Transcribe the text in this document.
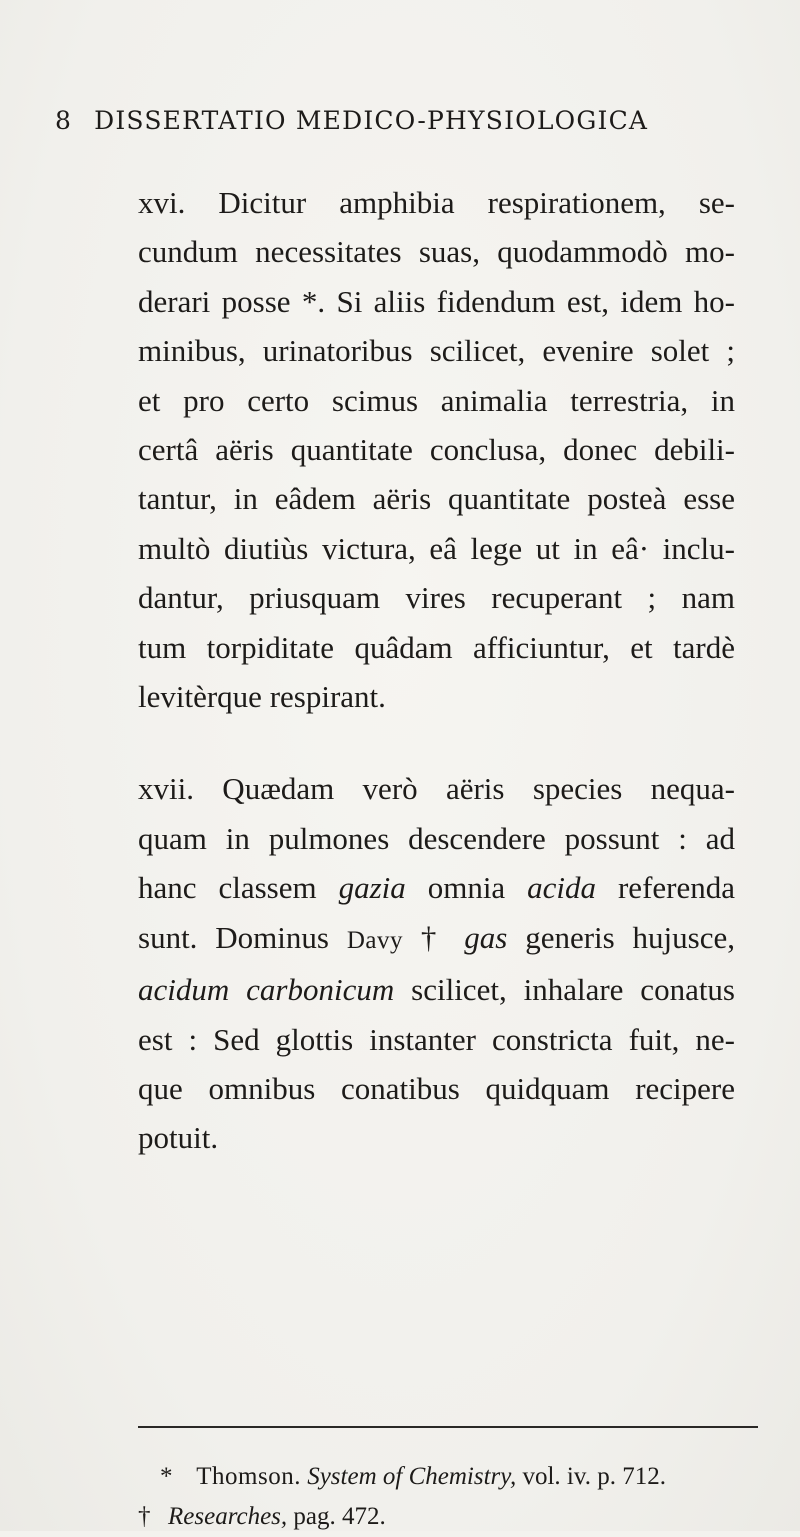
8 DISSERTATIO MEDICO-PHYSIOLOGICA

xvi. Dicitur amphibia respirationem, se-
cundum necessitates suas, quodammodò mo-
derari posse *. Si aliis fidendum est, idem ho-
minibus, urinatoribus scilicet, evenire solet ;
et pro certo scimus animalia terrestria, in
certâ aëris quantitate conclusa, donec debili-
tantur, in eâdem aëris quantitate posteà esse
multò diutiùs victura, eâ lege ut in eâ· inclu-
dantur, priusquam vires recuperant ; nam
tum torpiditate quâdam afficiuntur, et tardè
levitèrque respirant.

xvii. Quædam verò aëris species nequa-
quam in pulmones descendere possunt : ad
hanc classem gazia omnia acida referenda
sunt. Dominus Davy † gas generis hujusce,
acidum carbonicum scilicet, inhalare conatus
est : Sed glottis instanter constricta fuit, ne-
que omnibus conatibus quidquam recipere
potuit.

* Thomson. System of Chemistry, vol. iv. p. 712.
† Researches, pag. 472.
